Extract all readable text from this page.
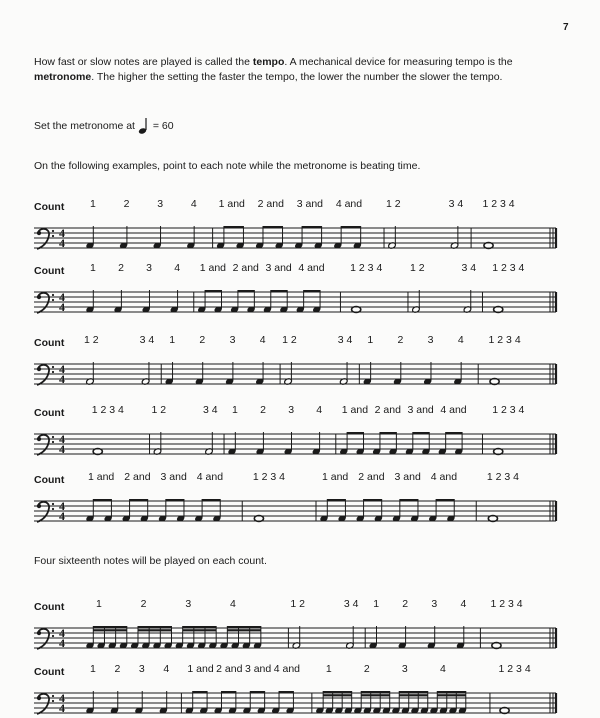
7
How fast or slow notes are played is called the tempo. A mechanical device for measuring tempo is the metronome. The higher the setting the faster the tempo, the lower the number the slower the tempo.
Set the metronome at = 60
On the following examples, point to each note while the metronome is beating time.
Four sixteenth notes will be played on each count.
4
4
Count 1	2	3	4 1 and 2 and 3 and 4 and 1 2	3 4 1 2 3 4
4
4
Count 1 2 3 4 1 and 2 and 3 and 4 and 1 2 3 4	1 2	3 4 1 2 3 4
4
4
Count 1 2	3 4 1 2 3 4 1 2	3 4 1 2 3 4 1 2 3 4
4
4
Count	1 2 3 4	1 2	3 4 1 2 3 4 1 and 2 and 3 and 4 and 1 2 3 4
4
4
Count 1 and 2 and 3 and 4 and	1 2 3 4	1 and 2 and 3 and 4 and	1 2 3 4
4
4
Count	1	2	3	4	1 2	3 4 1 2 3 4 1 2 3 4
4
4
Count 1 2 3 4 1 and 2 and 3 and 4 and 1	2	3	4	1 2 3 4
